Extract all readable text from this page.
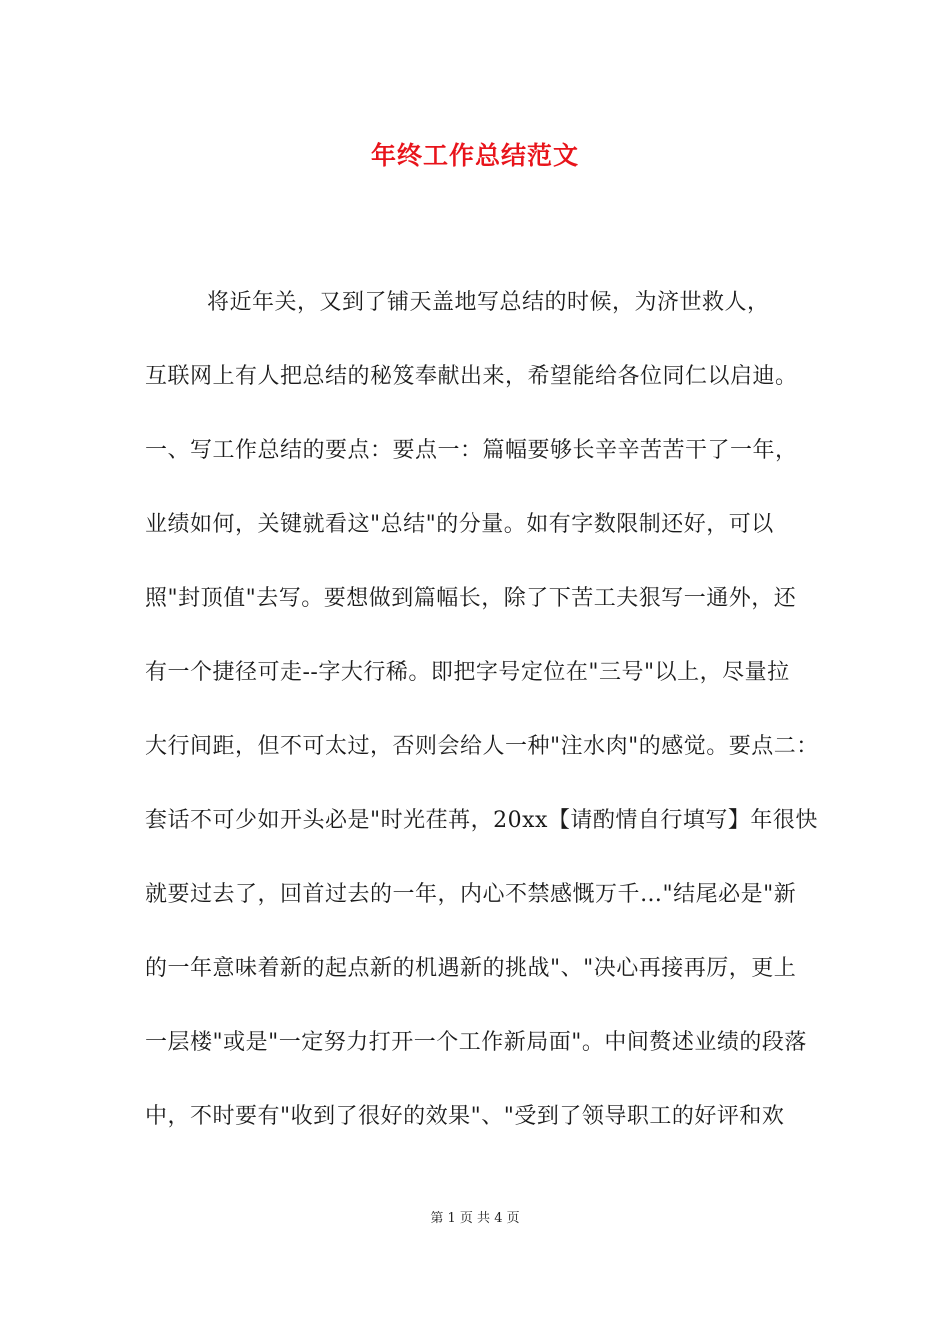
年终工作总结范文

将近年关，又到了铺天盖地写总结的时候，为济世救人，

互联网上有人把总结的秘笈奉献出来，希望能给各位同仁以启迪。

一、写工作总结的要点：要点一：篇幅要够长辛辛苦苦干了一年，

业绩如何，关键就看这"总结"的分量。如有字数限制还好，可以

照"封顶值"去写。要想做到篇幅长，除了下苦工夫狠写一通外，还

有一个捷径可走--字大行稀。即把字号定位在"三号"以上，尽量拉

大行间距，但不可太过，否则会给人一种"注水肉"的感觉。要点二：

套话不可少如开头必是"时光荏苒，20xx【请酌情自行填写】年很快

就要过去了，回首过去的一年，内心不禁感慨万千…"结尾必是"新

的一年意味着新的起点新的机遇新的挑战"、"决心再接再厉，更上

一层楼"或是"一定努力打开一个工作新局面"。中间赘述业绩的段落

中，不时要有"收到了很好的效果"、"受到了领导职工的好评和欢

第 1 页 共 4 页
